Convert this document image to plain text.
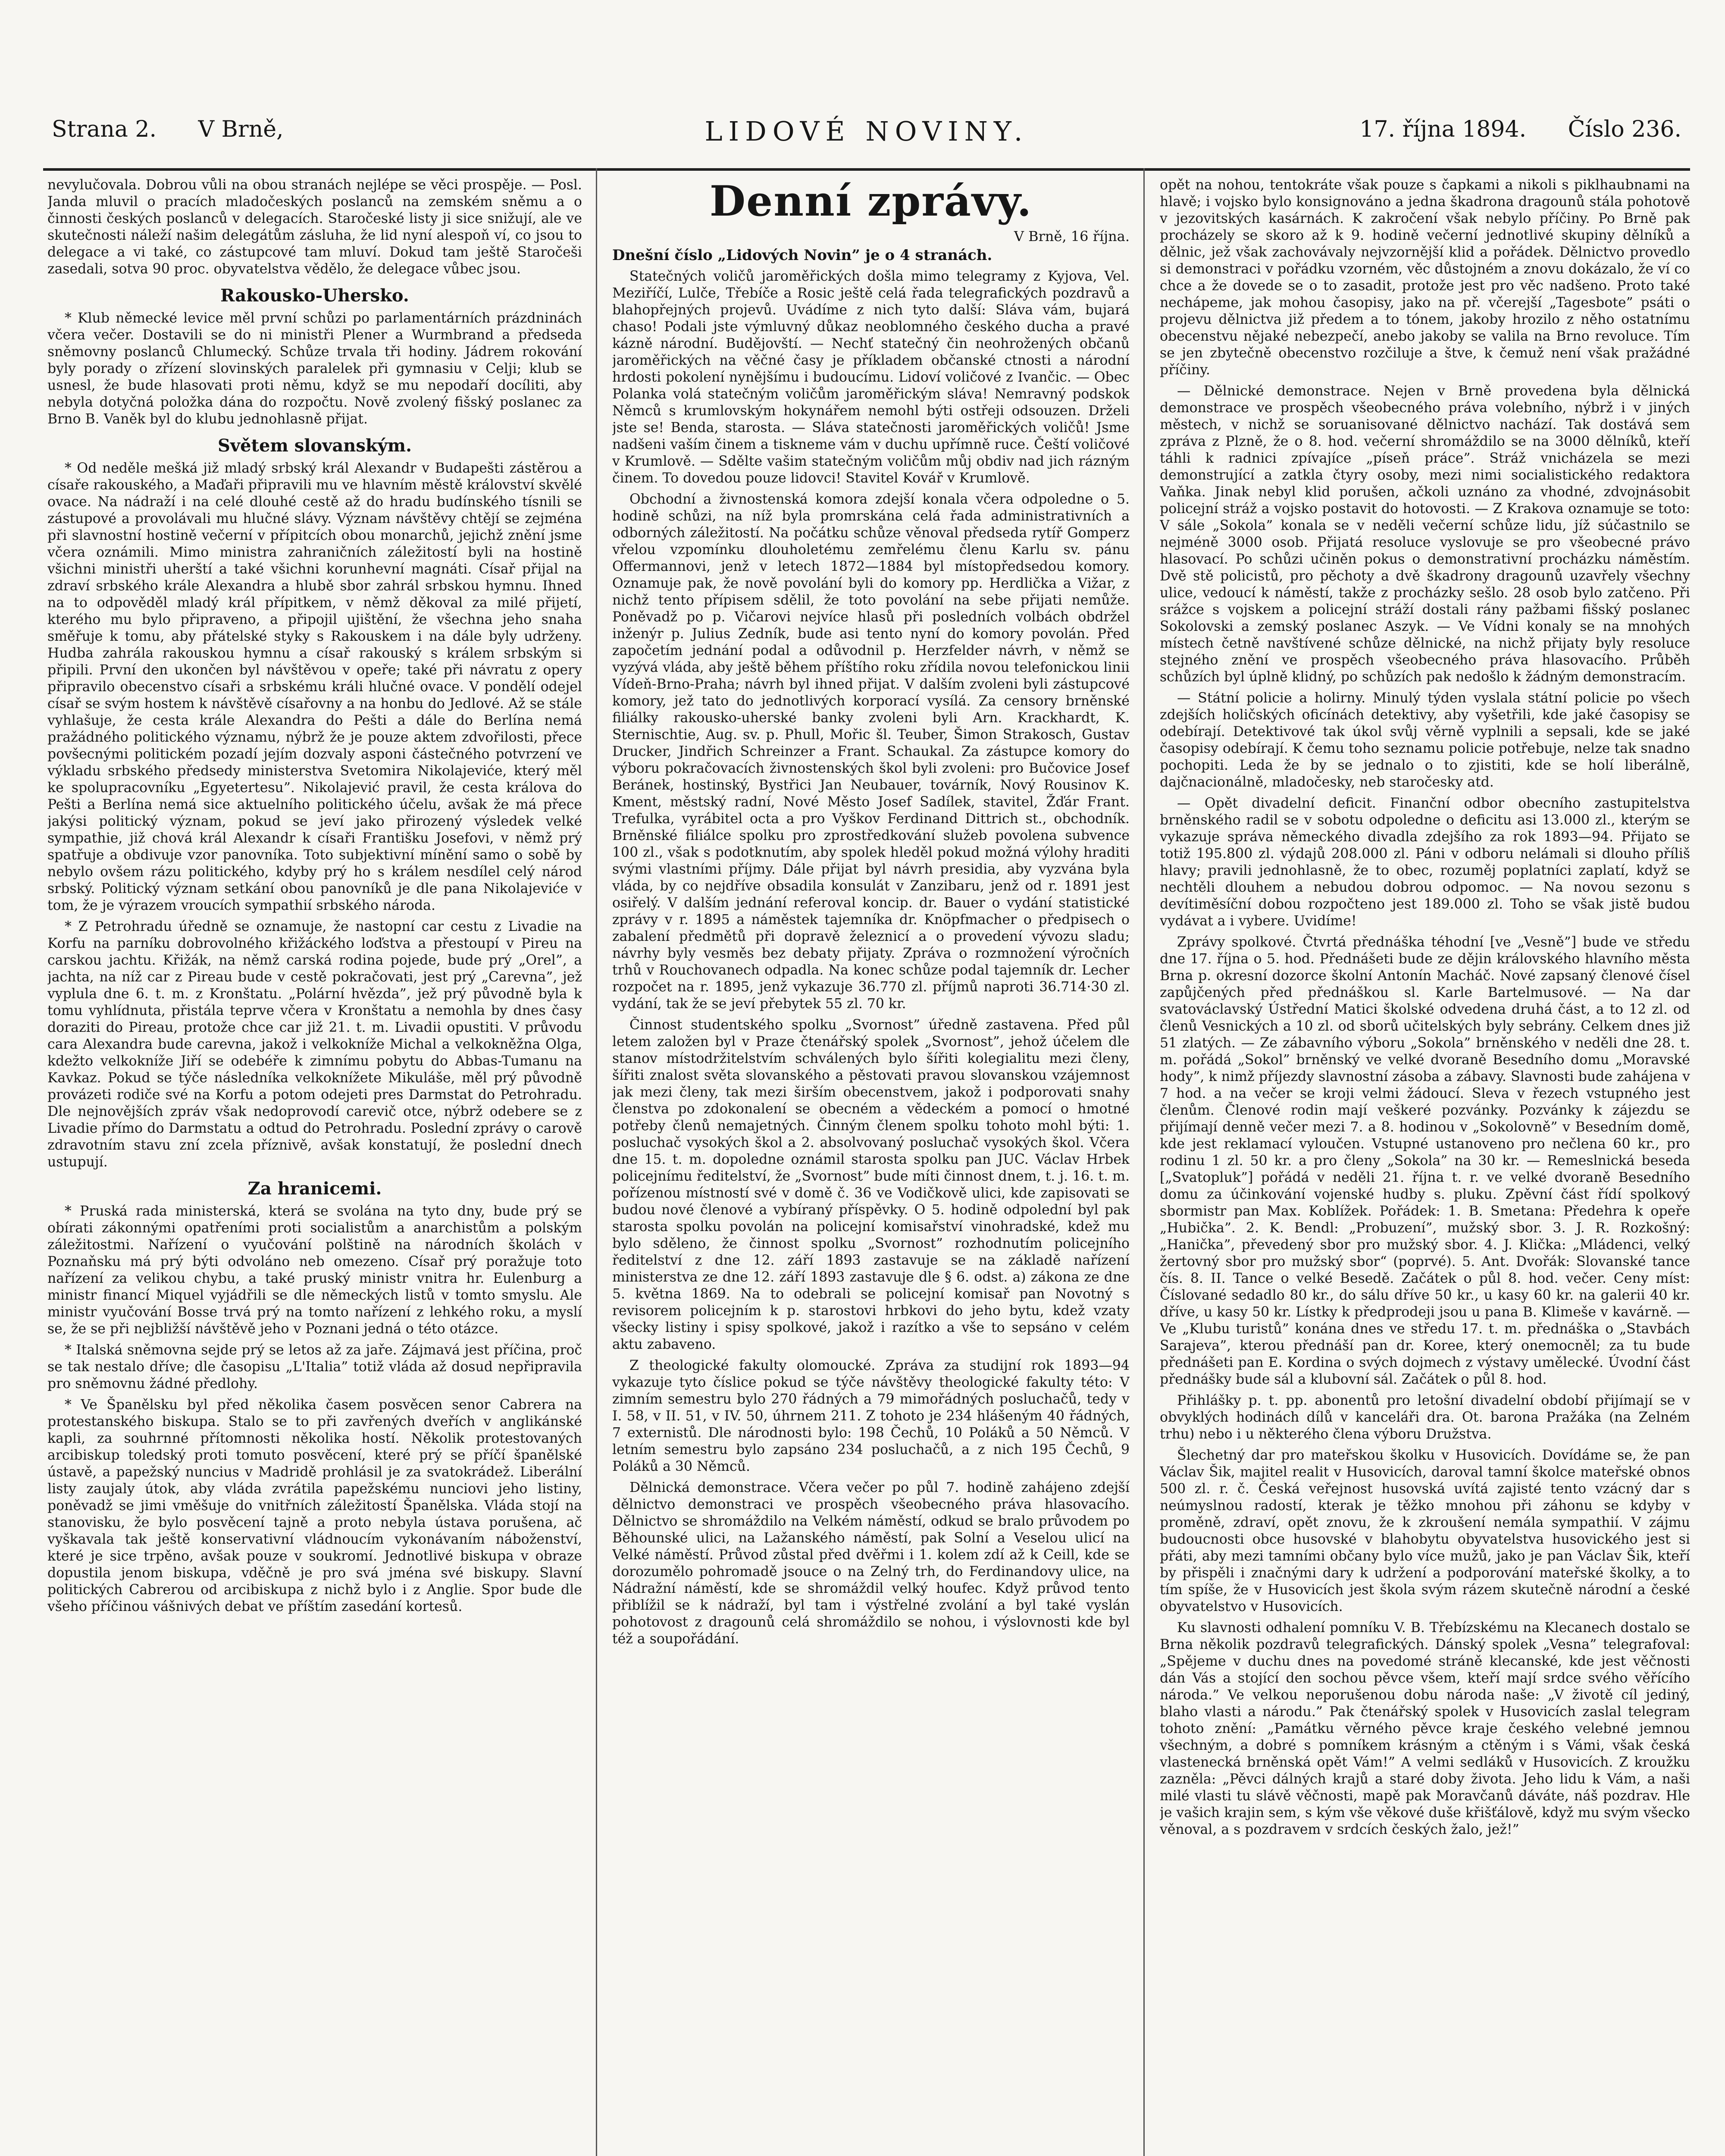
Strana 2. V Brně,	LIDOVÉ NOVINY.	17. října 1894. Číslo 236.

nevylučovala. Dobrou vůli na obou stranách nejlépe se věci prospěje. — Posl. Janda mluvil o pracích mladočeských poslanců na zemském sněmu a o činnosti českých poslanců v delegacích. Staročeské listy ji sice snižují, ale ve skutečnosti náleží našim delegátům zásluha, že lid nyní alespoň ví, co jsou to delegace a vi také, co zástupcové tam mluví. Dokud tam ještě Staročeši zasedali, sotva 90 proc. obyvatelstva vědělo, že delegace vůbec jsou.

Rakousko-Uhersko.

* Klub německé levice měl první schůzi po parlamentárních prázdninách včera večer. Dostavili se do ni ministři Plener a Wurmbrand a předseda sněmovny poslanců Chlumecký. Schůze trvala tři hodiny. Jádrem rokování byly porady o zřízení slovinských paralelek při gymnasiu v Celji; klub se usnesl, že bude hlasovati proti němu, když se mu nepodaří docíliti, aby nebyla dotyčná položka dána do rozpočtu. Nově zvolený fišský poslanec za Brno B. Vaněk byl do klubu jednohlasně přijat.

Světem slovanským.

* Od neděle mešká již mladý srbský král Alexandr v Budapešti zástěrou a císaře rakouského, a Maďaři připravili mu ve hlavním městě království skvělé ovace. Na nádraží i na celé dlouhé cestě až do hradu budínského tísnili se zástupové a provolávali mu hlučné slávy. Význam návštěvy chtějí se zejména při slavnostní hostině večerní v přípitcích obou monarchů, jejichž znění jsme včera oznámili. Mimo ministra zahraničních záležitostí byli na hostině všichni ministři uherští a také všichni korunhevní magnáti. Císař přijal na zdraví srbského krále Alexandra a hlubě sbor zahrál srbskou hymnu. Ihned na to odpověděl mladý král přípitkem, v němž děkoval za milé přijetí, kterého mu bylo připraveno, a připojil ujištění, že všechna jeho snaha směřuje k tomu, aby přátelské styky s Rakouskem i na dále byly udrženy. Hudba zahrála rakouskou hymnu a císař rakouský s králem srbským si připili. První den ukončen byl návštěvou v opeře; také při návratu z opery připravilo obecenstvo císaři a srbskému králi hlučné ovace. V pondělí odejel císař se svým hostem k návštěvě císařovny a na honbu do Jedlové. Až se stále vyhlašuje, že cesta krále Alexandra do Pešti a dále do Berlína nemá pražádného politického významu, nýbrž že je pouze aktem zdvořilosti, přece povšecnými politickém pozadí jejím dozvaly asponi částečného potvrzení ve výkladu srbského předsedy ministerstva Svetomira Nikolajeviće, který měl ke spolupracovníku „Egyetertesu”. Nikolajević pravil, že cesta králova do Pešti a Berlína nemá sice aktuelního politického účelu, avšak že má přece jakýsi politický význam, pokud se jeví jako přirozený výsledek velké sympathie, již chová král Alexandr k císaři Františku Josefovi, v němž prý spatřuje a obdivuje vzor panovníka. Toto subjektivní mínění samo o sobě by nebylo ovšem rázu politického, kdyby prý ho s králem nesdílel celý národ srbský. Politický význam setkání obou panovníků je dle pana Nikolajeviće v tom, že je výrazem vroucích sympathií srbského národa.

* Z Petrohradu úředně se oznamuje, že nastopní car cestu z Livadie na Korfu na parníku dobrovolného křižáckého loďstva a přestoupí v Pireu na carskou jachtu. Křižák, na němž carská rodina pojede, bude prý „Orel”, a jachta, na níž car z Pireau bude v cestě pokračovati, jest prý „Carevna”, jež vyplula dne 6. t. m. z Kronštatu. „Polární hvězda”, jež prý původně byla k tomu vyhlídnuta, přistála teprve včera v Kronštatu a nemohla by dnes časy doraziti do Pireau, protože chce car již 21. t. m. Livadii opustiti. V průvodu cara Alexandra bude carevna, jakož i velkokníže Michal a velkokněžna Olga, kdežto velkokníže Jiří se odebéře k zimnímu pobytu do Abbas-Tumanu na Kavkaz. Pokud se týče následníka velkoknížete Mikuláše, měl prý původně provázeti rodiče své na Korfu a potom odejeti pres Darmstat do Petrohradu. Dle nejnovějších zpráv však nedoprovodí carevič otce, nýbrž odebere se z Livadie přímo do Darmstatu a odtud do Petrohradu. Poslední zprávy o carově zdravotním stavu zní zcela příznivě, avšak konstatují, že poslední dnech ustupují.

Za hranicemi.

* Pruská rada ministerská, která se svolána na tyto dny, bude prý se obírati zákonnými opatřeními proti socialistům a anarchistům a polským záležitostmi. Nařízení o vyučování polštině na národních školách v Poznaňsku má prý býti odvoláno neb omezeno. Císař prý poražuje toto nařízení za velikou chybu, a také pruský ministr vnitra hr. Eulenburg a ministr financí Miquel vyjádřili se dle německých listů v tomto smyslu. Ale ministr vyučování Bosse trvá prý na tomto nařízení z lehkého roku, a myslí se, že se při nejbližší návštěvě jeho v Poznani jedná o této otázce.

* Italská sněmovna sejde prý se letos až za jaře. Zájmavá jest příčina, proč se tak nestalo dříve; dle časopisu „L'Italia” totiž vláda až dosud nepřipravila pro sněmovnu žádné předlohy.

* Ve Španělsku byl před několika časem posvěcen senor Cabrera na protestanského biskupa. Stalo se to při zavřených dveřích v anglikánské kapli, za souhrnné přítomnosti několika hostí. Několik protestovaných arcibiskup toledský proti tomuto posvěcení, které prý se příčí španělské ústavě, a papežský nuncius v Madridě prohlásil je za svatokrádež. Liberální listy zaujaly útok, aby vláda zvrátila papežskému nunciovi jeho listiny, poněvadž se jimi vměšuje do vnitřních záležitostí Španělska. Vláda stojí na stanovisku, že bylo posvěcení tajně a proto nebyla ústava porušena, ač vyškavala tak ještě konservativní vládnoucím vykonávaním náboženství, které je sice trpěno, avšak pouze v soukromí. Jednotlivé biskupa v obraze dopustila jenom biskupa, vděčně je pro svá jména své biskupy. Slavní politických Cabrerou od arcibiskupa z nichž bylo i z Anglie. Spor bude dle všeho příčinou vášnivých debat ve příštím zasedání kortesů.

Denní zprávy.
V Brně, 16 října.

Dnešní číslo „Lidových Novin” je o 4 stranách.

Statečných voličů jaroměřických došla mimo telegramy z Kyjova, Vel. Meziříčí, Lulče, Třebíče a Rosic ještě celá řada telegrafických pozdravů a blahopřejných projevů. Uvádíme z nich tyto další: Sláva vám, bujará chaso! Podali jste výmluvný důkaz neoblomného českého ducha a pravé kázně národní. Budějovští. — Nechť statečný čin neohrožených občanů jaroměřických na věčné časy je příkladem občanské ctnosti a národní hrdosti pokolení nynějšímu i budoucímu. Lidoví voličové z Ivančic. — Obec Polanka volá statečným voličům jaroměřickým sláva! Nemravný podskok Němců s krumlovským hokynářem nemohl býti ostřeji odsouzen. Drželi jste se! Benda, starosta. — Sláva statečnosti jaroměřických voličů! Jsme nadšeni vaším činem a tiskneme vám v duchu upřímně ruce. Čeští voličové v Krumlově. — Sdělte vašim statečným voličům můj obdiv nad jich rázným činem. To dovedou pouze lidovci! Stavitel Kovář v Krumlově.

Obchodní a živnostenská komora zdejší konala včera odpoledne o 5. hodině schůzi, na níž byla promrskána celá řada administrativních a odborných záležitostí. Na počátku schůze věnoval předseda rytíř Gomperz vřelou vzpomínku dlouholetému zemřelému členu Karlu sv. pánu Offermannovi, jenž v letech 1872—1884 byl místopředsedou komory. Oznamuje pak, že nově povolání byli do komory pp. Herdlička a Vižar, z nichž tento přípisem sdělil, že toto povolání na sebe přijati nemůže. Poněvadž po p. Vičarovi nejvíce hlasů při posledních volbách obdržel inženýr p. Julius Zedník, bude asi tento nyní do komory povolán. Před započetím jednání podal a odůvodnil p. Herzfelder návrh, v němž se vyzývá vláda, aby ještě během příštího roku zřídila novou telefonickou linii Vídeň-Brno-Praha; návrh byl ihned přijat. V dalším zvoleni byli zástupcové komory, jež tato do jednotlivých korporací vysílá. Za censory brněnské filiálky rakousko-uherské banky zvoleni byli Arn. Krackhardt, K. Sternischtie, Aug. sv. p. Phull, Mořic šl. Teuber, Šimon Strakosch, Gustav Drucker, Jindřich Schreinzer a Frant. Schaukal. Za zástupce komory do výboru pokračovacích živnostenských škol byli zvoleni: pro Bučovice Josef Beránek, hostinský, Bystřici Jan Neubauer, továrník, Nový Rousinov K. Kment, městský radní, Nové Město Josef Sadílek, stavitel, Žďár Frant. Trefulka, vyrábitel octa a pro Vyškov Ferdinand Dittrich st., obchodník. Brněnské filiálce spolku pro zprostředkování služeb povolena subvence 100 zl., však s podotknutím, aby spolek hleděl pokud možná výlohy hraditi svými vlastními příjmy. Dále přijat byl návrh presidia, aby vyzvána byla vláda, by co nejdříve obsadila konsulát v Zanzibaru, jenž od r. 1891 jest osiřelý. V dalším jednání referoval koncip. dr. Bauer o vydání statistické zprávy v r. 1895 a náměstek tajemníka dr. Knöpfmacher o předpisech o zabalení předmětů při dopravě železnicí a o provedení vývozu sladu; návrhy byly vesměs bez debaty přijaty. Zpráva o rozmnožení výročních trhů v Rouchovanech odpadla. Na konec schůze podal tajemník dr. Lecher rozpočet na r. 1895, jenž vykazuje 36.770 zl. příjmů naproti 36.714·30 zl. vydání, tak že se jeví přebytek 55 zl. 70 kr.

Činnost studentského spolku „Svornost” úředně zastavena. Před půl letem založen byl v Praze čtenářský spolek „Svornost”, jehož účelem dle stanov místodržitelstvím schválených bylo šířiti kolegialitu mezi členy, šířiti znalost světa slovanského a pěstovati pravou slovanskou vzájemnost jak mezi členy, tak mezi širším obecenstvem, jakož i podporovati snahy členstva po zdokonalení se obecném a vědeckém a pomocí o hmotné potřeby členů nemajetných. Činným členem spolku tohoto mohl býti: 1. posluchač vysokých škol a 2. absolvovaný posluchač vysokých škol. Včera dne 15. t. m. dopoledne oznámil starosta spolku pan JUC. Václav Hrbek policejnímu ředitelství, že „Svornost” bude míti činnost dnem, t. j. 16. t. m. pořízenou místností své v domě č. 36 ve Vodičkově ulici, kde zapisovati se budou nové členové a vybíraný příspěvky. O 5. hodině odpolední byl pak starosta spolku povolán na policejní komisařství vinohradské, kdež mu bylo sděleno, že činnost spolku „Svornost” rozhodnutím policejního ředitelství z dne 12. září 1893 zastavuje se na základě nařízení ministerstva ze dne 12. září 1893 zastavuje dle § 6. odst. a) zákona ze dne 5. května 1869. Na to odebrali se policejní komisař pan Novotný s revisorem policejním k p. starostovi hrbkovi do jeho bytu, kdež vzaty všecky listiny i spisy spolkové, jakož i razítko a vše to sepsáno v celém aktu zabaveno.

Z theologické fakulty olomoucké. Zpráva za studijní rok 1893—94 vykazuje tyto číslice pokud se týče návštěvy theologické fakulty této: V zimním semestru bylo 270 řádných a 79 mimořádných posluchačů, tedy v I. 58, v II. 51, v IV. 50, úhrnem 211. Z tohoto je 234 hlášeným 40 řádných, 7 externistů. Dle národnosti bylo: 198 Čechů, 10 Poláků a 50 Němců. V letním semestru bylo zapsáno 234 posluchačů, a z nich 195 Čechů, 9 Poláků a 30 Němců.

Dělnická demonstrace. Včera večer po půl 7. hodině zahájeno zdejší dělnictvo demonstraci ve prospěch všeobecného práva hlasovacího. Dělnictvo se shromáždilo na Velkém náměstí, odkud se bralo průvodem po Běhounské ulici, na Lažanského náměstí, pak Solní a Veselou ulicí na Velké náměstí. Průvod zůstal před dvěřmi i 1. kolem zdí až k Ceill, kde se dorozumělo pohromadě jsouce o na Zelný trh, do Ferdinandovy ulice, na Nádražní náměstí, kde se shromáždil velký houfec. Když průvod tento přiblížil se k nádraží, byl tam i výstřelné zvolání a byl také vyslán pohotovost z dragounů celá shromáždilo se nohou, i výslovnosti kde byl též a soupořádání.

opět na nohou, tentokráte však pouze s čapkami a nikoli s piklhaubnami na hlavě; i vojsko bylo konsignováno a jedna škadrona dragounů stála pohotově v jezovitských kasárnách. K zakročení však nebylo příčiny. Po Brně pak procházely se skoro až k 9. hodině večerní jednotlivé skupiny dělníků a dělnic, jež však zachovávaly nejvzornější klid a pořádek. Dělnictvo provedlo si demonstraci v pořádku vzorném, věc důstojném a znovu dokázalo, že ví co chce a že dovede se o to zasadit, protože jest pro věc nadšeno. Proto také nechápeme, jak mohou časopisy, jako na př. včerejší „Tagesbote” psáti o projevu dělnictva již předem a to tónem, jakoby hrozilo z něho ostatnímu obecenstvu nějaké nebezpečí, anebo jakoby se valila na Brno revoluce. Tím se jen zbytečně obecenstvo rozčiluje a štve, k čemuž není však pražádné příčiny.

— Dělnické demonstrace. Nejen v Brně provedena byla dělnická demonstrace ve prospěch všeobecného práva volebního, nýbrž i v jiných městech, v nichž se soruanisované dělnictvo nachází. Tak dostává sem zpráva z Plzně, že o 8. hod. večerní shromáždilo se na 3000 dělníků, kteří táhli k radnici zpívajíce „píseň práce”. Stráž vnicházela se mezi demonstrující a zatkla čtyry osoby, mezi nimi socialistického redaktora Vaňka. Jinak nebyl klid porušen, ačkoli uznáno za vhodné, zdvojnásobit policejní stráž a vojsko postavit do hotovosti. — Z Krakova oznamuje se toto: V sále „Sokola” konala se v neděli večerní schůze lidu, jíž súčastnilo se nejméně 3000 osob. Přijatá resoluce vyslovuje se pro všeobecné právo hlasovací. Po schůzi učiněn pokus o demonstrativní procházku náměstím. Dvě stě policistů, pro pěchoty a dvě škadrony dragounů uzavřely všechny ulice, vedoucí k náměstí, takže z procházky sešlo. 28 osob bylo zatčeno. Při srážce s vojskem a policejní stráží dostali rány pažbami fišský poslanec Sokolovski a zemský poslanec Aszyk. — Ve Vídni konaly se na mnohých místech četně navštívené schůze dělnické, na nichž přijaty byly resoluce stejného znění ve prospěch všeobecného práva hlasovacího. Průběh schůzích byl úplně klidný, po schůzích pak nedošlo k žádným demonstracím.

— Státní policie a holirny. Minulý týden vyslala státní policie po všech zdejších holičských oficínách detektivy, aby vyšetřili, kde jaké časopisy se odebírají. Detektivové tak úkol svůj věrně vyplnili a sepsali, kde se jaké časopisy odebírají. K čemu toho seznamu policie potřebuje, nelze tak snadno pochopiti. Leda že by se jednalo o to zjistiti, kde se holí liberálně, dajčnacionálně, mladočesky, neb staročesky atd.

— Opět divadelní deficit. Finanční odbor obecního zastupitelstva brněnského radil se v sobotu odpoledne o deficitu asi 13.000 zl., kterým se vykazuje správa německého divadla zdejšího za rok 1893—94. Přijato se totiž 195.800 zl. výdajů 208.000 zl. Páni v odboru nelámali si dlouho příliš hlavy; pravili jednohlasně, že to obec, rozuměj poplatníci zaplatí, když se nechtěli dlouhem a nebudou dobrou odpomoc. — Na novou sezonu s devítiměsíční dobou rozpočteno jest 189.000 zl. Toho se však jistě budou vydávat a i vybere. Uvidíme!

Zprávy spolkové. Čtvrtá přednáška téhodní [ve „Vesně”] bude ve středu dne 17. října o 5. hod. Přednášeti bude ze dějin královského hlavního města Brna p. okresní dozorce školní Antonín Macháč. Nové zapsaný členové čísel zapůjčených před přednáškou sl. Karle Bartelmusové. — Na dar svatováclavský Ústřední Matici školské odvedena druhá část, a to 12 zl. od členů Vesnických a 10 zl. od sborů učitelských byly sebrány. Celkem dnes již 51 zlatých. — Ze zábavního výboru „Sokola” brněnského v neděli dne 28. t. m. pořádá „Sokol” brněnský ve velké dvoraně Besedního domu „Moravské hody”, k nimž příjezdy slavnostní zásoba a zábavy. Slavnosti bude zahájena v 7 hod. a na večer se kroji velmi žádoucí. Sleva v řezech vstupného jest členům. Členové rodin mají veškeré pozvánky. Pozvánky k zájezdu se přijímají denně večer mezi 7. a 8. hodinou v „Sokolovně” v Besedním domě, kde jest reklamací vyloučen. Vstupné ustanoveno pro nečlena 60 kr., pro rodinu 1 zl. 50 kr. a pro členy „Sokola” na 30 kr. — Remeslnická beseda [„Svatopluk”] pořádá v neděli 21. října t. r. ve velké dvoraně Besedního domu za účinkování vojenské hudby s. pluku. Zpěvní část řídí spolkový sbormistr pan Max. Koblížek. Pořádek: 1. B. Smetana: Předehra k opeře „Hubička”. 2. K. Bendl: „Probuzení”, mužský sbor. 3. J. R. Rozkošný: „Hanička”, převedený sbor pro mužský sbor. 4. J. Klička: „Mládenci, velký žertovný sbor pro mužský sbor“ (poprvé). 5. Ant. Dvořák: Slovanské tance čís. 8. II. Tance o velké Besedě. Začátek o půl 8. hod. večer. Ceny míst: Číslované sedadlo 80 kr., do sálu dříve 50 kr., u kasy 60 kr. na galerii 40 kr. dříve, u kasy 50 kr. Lístky k předprodeji jsou u pana B. Klimeše v kavárně. — Ve „Klubu turistů” konána dnes ve středu 17. t. m. přednáška o „Stavbách Sarajeva”, kterou přednáší pan dr. Koree, který onemocněl; za tu bude přednášeti pan E. Kordina o svých dojmech z výstavy umělecké. Úvodní část přednášky bude sál a klubovní sál. Začátek o půl 8. hod.

Přihlášky p. t. pp. abonentů pro letošní divadelní období přijímají se v obvyklých hodinách dílů v kanceláři dra. Ot. barona Pražáka (na Zelném trhu) nebo i u některého člena výboru Družstva.

Šlechetný dar pro mateřskou školku v Husovicích. Dovídáme se, že pan Václav Šik, majitel realit v Husovicích, daroval tamní školce mateřské obnos 500 zl. r. č. Česká veřejnost husovská uvítá zajisté tento vzácný dar s neúmyslnou radostí, kterak je těžko mnohou při záhonu se kdyby v proměně, zdraví, opět znovu, že k zkroušení nemála sympathií. V zájmu budoucnosti obce husovské v blahobytu obyvatelstva husovického jest si přáti, aby mezi tamními občany bylo více mužů, jako je pan Václav Šik, kteří by přispěli i značnými dary k udržení a podporování mateřské školky, a to tím spíše, že v Husovicích jest škola svým rázem skutečně národní a české obyvatelstvo v Husovicích.

Ku slavnosti odhalení pomníku V. B. Třebízskému na Klecanech dostalo se Brna několik pozdravů telegrafických. Dánský spolek „Vesna” telegrafoval: „Spějeme v duchu dnes na povedomé stráně klecanské, kde jest věčnosti dán Vás a stojící den sochou pěvce všem, kteří mají srdce svého věřícího národa.” Ve velkou neporušenou dobu národa naše: „V životě cíl jediný, blaho vlasti a národu.” Pak čtenářský spolek v Husovicích zaslal telegram tohoto znění: „Památku věrného pěvce kraje českého velebné jemnou všechným, a dobré s pomníkem krásným a ctěným i s Vámi, však česká vlastenecká brněnská opět Vám!” A velmi sedláků v Husovicích. Z kroužku zazněla: „Pěvci dálných krajů a staré doby života. Jeho lidu k Vám, a naši milé vlasti tu slávě věčnosti, mapě pak Moravčanů dáváte, náš pozdrav. Hle je vašich krajin sem, s kým vše věkové duše křišťálově, když mu svým všecko věnoval, a s pozdravem v srdcích českých žalo, jež!”
